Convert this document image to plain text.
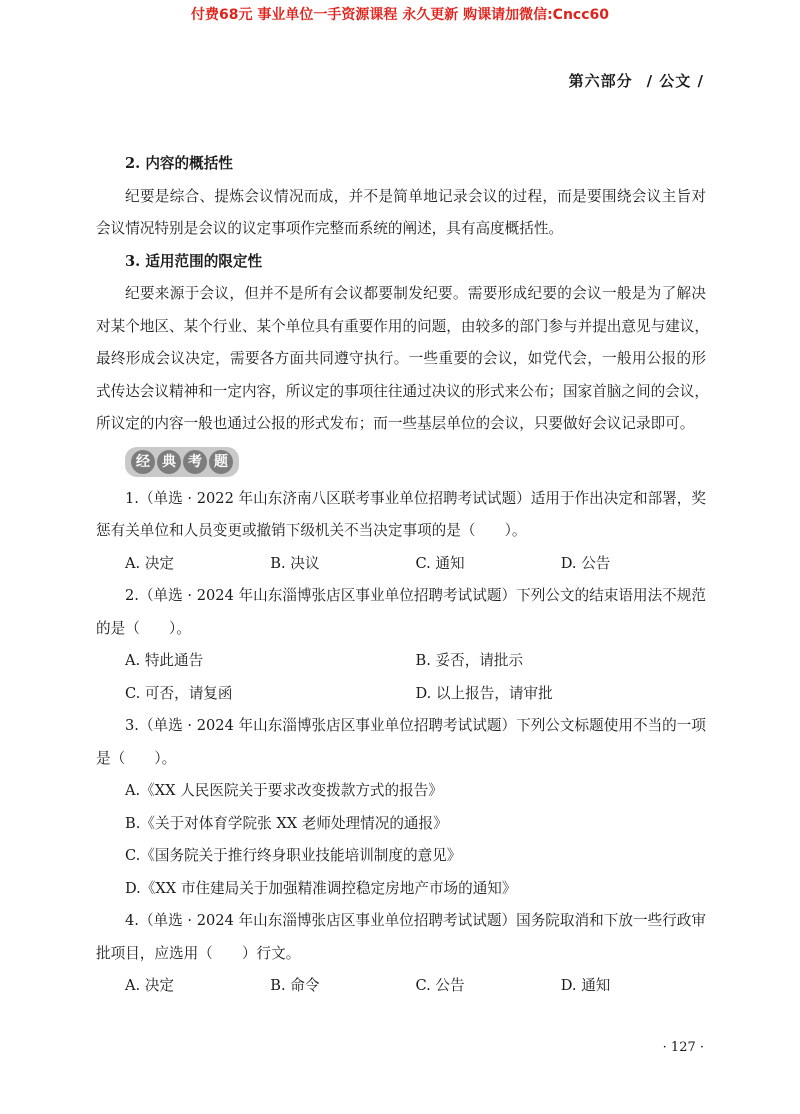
付费68元 事业单位一手资源课程 永久更新 购课请加微信:Cncc60
第六部分 / 公文 /
2. 内容的概括性
纪要是综合、提炼会议情况而成，并不是简单地记录会议的过程，而是要围绕会议主旨对
会议情况特别是会议的议定事项作完整而系统的阐述，具有高度概括性。
3. 适用范围的限定性
纪要来源于会议，但并不是所有会议都要制发纪要。需要形成纪要的会议一般是为了解决
对某个地区、某个行业、某个单位具有重要作用的问题，由较多的部门参与并提出意见与建议，
最终形成会议决定，需要各方面共同遵守执行。一些重要的会议，如党代会，一般用公报的形
式传达会议精神和一定内容，所议定的事项往往通过决议的形式来公布；国家首脑之间的会议，
所议定的内容一般也通过公报的形式发布；而一些基层单位的会议，只要做好会议记录即可。
经 典 考 题
1.（单选 · 2022 年山东济南八区联考事业单位招聘考试试题）适用于作出决定和部署，奖
惩有关单位和人员变更或撤销下级机关不当决定事项的是（　　）。
A. 决定	B. 决议	C. 通知	D. 公告
2.（单选 · 2024 年山东淄博张店区事业单位招聘考试试题）下列公文的结束语用法不规范
的是（　　）。
A. 特此通告	B. 妥否，请批示
C. 可否，请复函	D. 以上报告，请审批
3.（单选 · 2024 年山东淄博张店区事业单位招聘考试试题）下列公文标题使用不当的一项
是（　　）。
A.《XX 人民医院关于要求改变拨款方式的报告》
B.《关于对体育学院张 XX 老师处理情况的通报》
C.《国务院关于推行终身职业技能培训制度的意见》
D.《XX 市住建局关于加强精准调控稳定房地产市场的通知》
4.（单选 · 2024 年山东淄博张店区事业单位招聘考试试题）国务院取消和下放一些行政审
批项目，应选用（　　）行文。
A. 决定	B. 命令	C. 公告	D. 通知
· 127 ·
